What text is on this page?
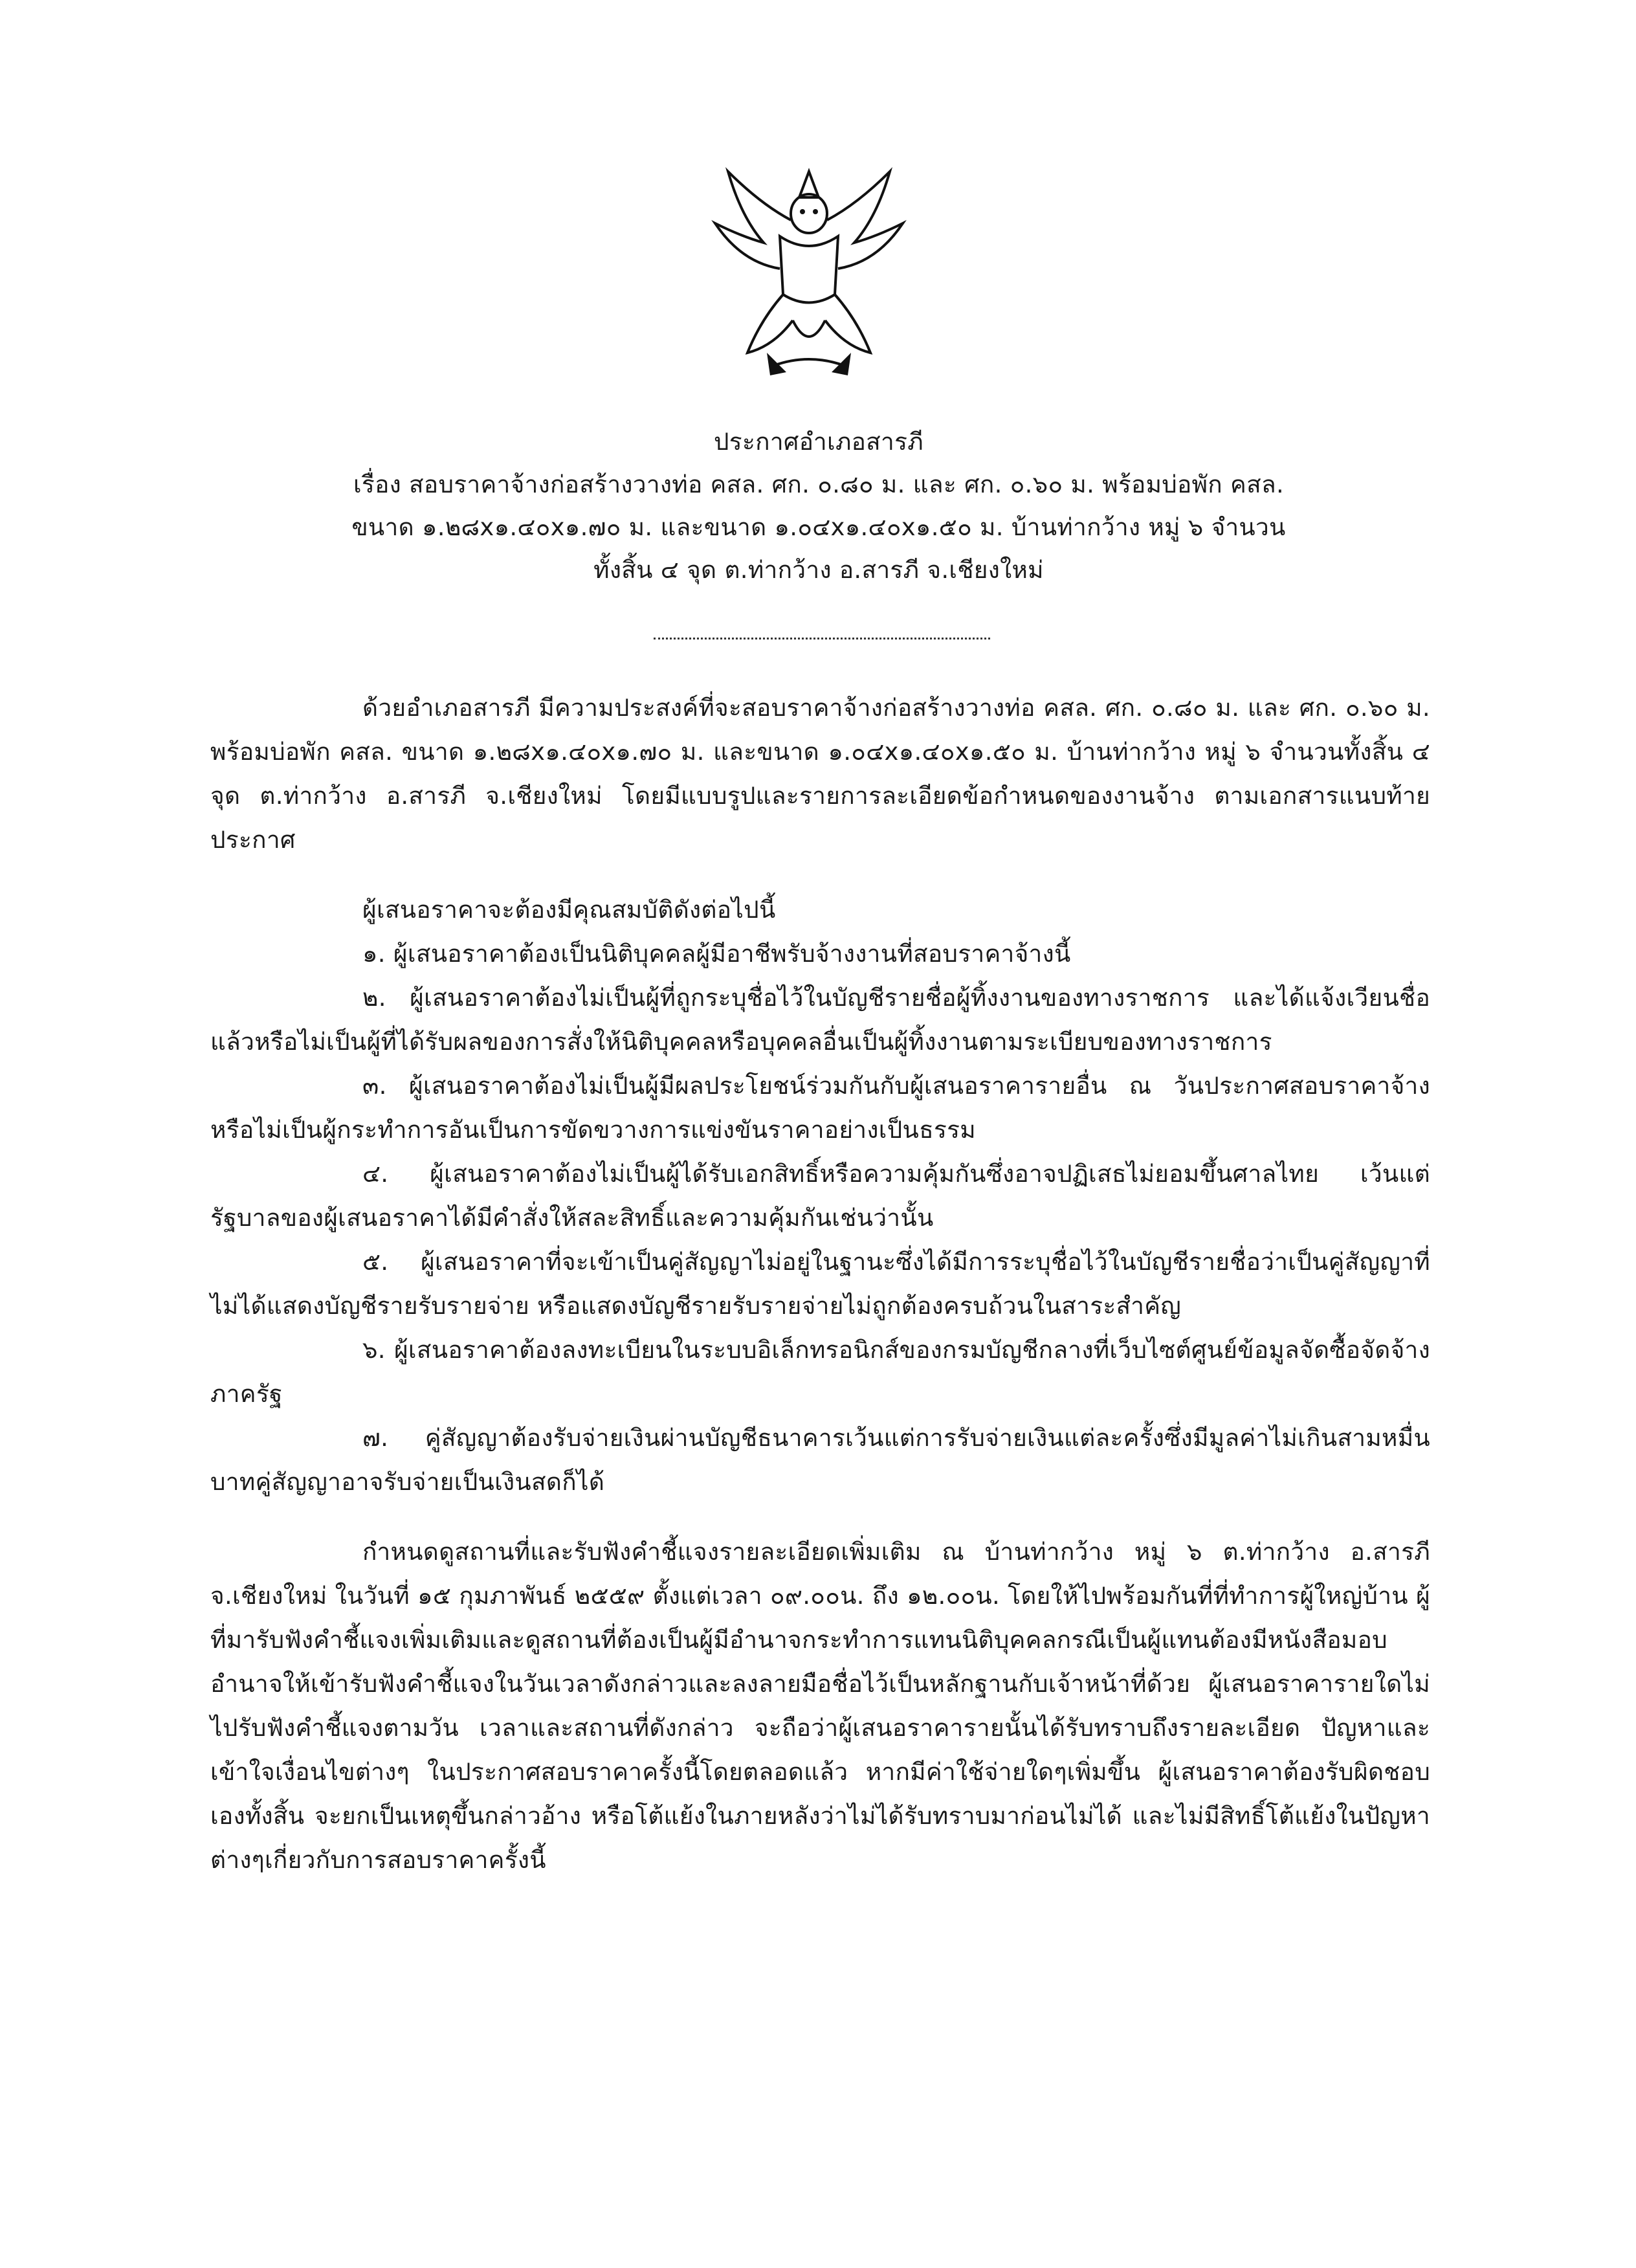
ประกาศอำเภอสารภี
เรื่อง สอบราคาจ้างก่อสร้างวางท่อ คสล. ศก. ๐.๘๐ ม. และ ศก. ๐.๖๐ ม. พร้อมบ่อพัก คสล.
ขนาด ๑.๒๘x๑.๔๐x๑.๗๐ ม. และขนาด ๑.๐๔x๑.๔๐x๑.๕๐ ม. บ้านท่ากว้าง หมู่ ๖ จำนวน
ทั้งสิ้น ๔ จุด ต.ท่ากว้าง อ.สารภี จ.เชียงใหม่

ด้วยอำเภอสารภี มีความประสงค์ที่จะสอบราคาจ้างก่อสร้างวางท่อ คสล. ศก. ๐.๘๐ ม. และ ศก. ๐.๖๐ ม. พร้อมบ่อพัก คสล. ขนาด ๑.๒๘x๑.๔๐x๑.๗๐ ม. และขนาด ๑.๐๔x๑.๔๐x๑.๕๐ ม. บ้านท่ากว้าง หมู่ ๖ จำนวนทั้งสิ้น ๔ จุด ต.ท่ากว้าง อ.สารภี จ.เชียงใหม่ โดยมีแบบรูปและรายการละเอียดข้อกำหนดของงานจ้าง ตามเอกสารแนบท้ายประกาศ

ผู้เสนอราคาจะต้องมีคุณสมบัติดังต่อไปนี้

๑. ผู้เสนอราคาต้องเป็นนิติบุคคลผู้มีอาชีพรับจ้างงานที่สอบราคาจ้างนี้

๒. ผู้เสนอราคาต้องไม่เป็นผู้ที่ถูกระบุชื่อไว้ในบัญชีรายชื่อผู้ทิ้งงานของทางราชการ และได้แจ้งเวียนชื่อแล้วหรือไม่เป็นผู้ที่ได้รับผลของการสั่งให้นิติบุคคลหรือบุคคลอื่นเป็นผู้ทิ้งงานตามระเบียบของทางราชการ

๓. ผู้เสนอราคาต้องไม่เป็นผู้มีผลประโยชน์ร่วมกันกับผู้เสนอราคารายอื่น ณ วันประกาศสอบราคาจ้าง หรือไม่เป็นผู้กระทำการอันเป็นการขัดขวางการแข่งขันราคาอย่างเป็นธรรม

๔. ผู้เสนอราคาต้องไม่เป็นผู้ได้รับเอกสิทธิ์หรือความคุ้มกันซึ่งอาจปฏิเสธไม่ยอมขึ้นศาลไทย เว้นแต่รัฐบาลของผู้เสนอราคาได้มีคำสั่งให้สละสิทธิ์และความคุ้มกันเช่นว่านั้น

๕. ผู้เสนอราคาที่จะเข้าเป็นคู่สัญญาไม่อยู่ในฐานะซึ่งได้มีการระบุชื่อไว้ในบัญชีรายชื่อว่าเป็นคู่สัญญาที่ไม่ได้แสดงบัญชีรายรับรายจ่าย หรือแสดงบัญชีรายรับรายจ่ายไม่ถูกต้องครบถ้วนในสาระสำคัญ

๖. ผู้เสนอราคาต้องลงทะเบียนในระบบอิเล็กทรอนิกส์ของกรมบัญชีกลางที่เว็บไซต์ศูนย์ข้อมูลจัดซื้อจัดจ้างภาครัฐ

๗. คู่สัญญาต้องรับจ่ายเงินผ่านบัญชีธนาคารเว้นแต่การรับจ่ายเงินแต่ละครั้งซึ่งมีมูลค่าไม่เกินสามหมื่นบาทคู่สัญญาอาจรับจ่ายเป็นเงินสดก็ได้

กำหนดดูสถานที่และรับฟังคำชี้แจงรายละเอียดเพิ่มเติม ณ บ้านท่ากว้าง หมู่ ๖ ต.ท่ากว้าง อ.สารภี จ.เชียงใหม่ ในวันที่ ๑๕ กุมภาพันธ์ ๒๕๕๙ ตั้งแต่เวลา ๐๙.๐๐น. ถึง ๑๒.๐๐น. โดยให้ไปพร้อมกันที่ที่ทำการผู้ใหญ่บ้าน ผู้ที่มารับฟังคำชี้แจงเพิ่มเติมและดูสถานที่ต้องเป็นผู้มีอำนาจกระทำการแทนนิติบุคคลกรณีเป็นผู้แทนต้องมีหนังสือมอบอำนาจให้เข้ารับฟังคำชี้แจงในวันเวลาดังกล่าวและลงลายมือชื่อไว้เป็นหลักฐานกับเจ้าหน้าที่ด้วย ผู้เสนอราคารายใดไม่ไปรับฟังคำชี้แจงตามวัน เวลาและสถานที่ดังกล่าว จะถือว่าผู้เสนอราคารายนั้นได้รับทราบถึงรายละเอียด ปัญหาและเข้าใจเงื่อนไขต่างๆ ในประกาศสอบราคาครั้งนี้โดยตลอดแล้ว หากมีค่าใช้จ่ายใดๆเพิ่มขึ้น ผู้เสนอราคาต้องรับผิดชอบเองทั้งสิ้น จะยกเป็นเหตุขึ้นกล่าวอ้าง หรือโต้แย้งในภายหลังว่าไม่ได้รับทราบมาก่อนไม่ได้ และไม่มีสิทธิ์โต้แย้งในปัญหาต่างๆเกี่ยวกับการสอบราคาครั้งนี้
